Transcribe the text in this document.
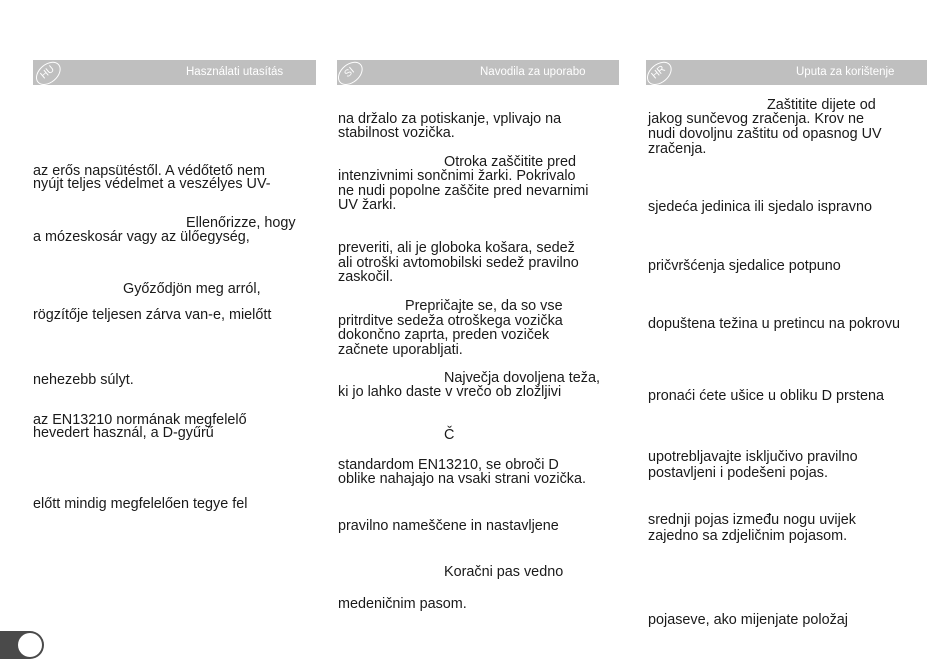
Használati utasítás
HU	Navodila za uporabo
SI	Uputa za korištenje
HR

az erős napsütéstől. A védőtető nem

nyújt teljes védelmet a veszélyes UV-

Ellenőrizze, hogy

a mózeskosár vagy az ülőegység,

Győződjön meg arról,

rögzítője teljesen zárva van-e, mielőtt

nehezebb súlyt.

az EN13210 normának megfelelő

hevedert használ, a D-gyűrű

előtt mindig megfelelően tegye fel

na držalo za potiskanje, vplivajo na

stabilnost vozička.

Otroka zaščitite pred

intenzivnimi sončnimi žarki. Pokrivalo

ne nudi popolne zaščite pred nevarnimi

UV žarki.

preveriti, ali je globoka košara, sedež

ali otroški avtomobilski sedež pravilno

zaskočil.

Prepričajte se, da so vse

pritrditve sedeža otroškega vozička

dokončno zaprta, preden voziček

začnete uporabljati.

Največja dovoljena teža,

ki jo lahko daste v vrečo ob zložljivi

Č

standardom EN13210, se obroči D

oblike nahajajo na vsaki strani vozička.

pravilno nameščene in nastavljene

Koračni pas vedno

medeničnim pasom.

Zaštitite dijete od

jakog sunčevog zračenja. Krov ne

nudi dovoljnu zaštitu od opasnog UV

zračenja.

sjedeća jedinica ili sjedalo ispravno

pričvršćenja sjedalice potpuno

dopuštena težina u pretincu na pokrovu

pronaći ćete ušice u obliku D prstena

upotrebljavajte isključivo pravilno

postavljeni i podešeni pojas.

srednji pojas između nogu uvijek

zajedno sa zdjeličnim pojasom.

pojaseve, ako mijenjate položaj
